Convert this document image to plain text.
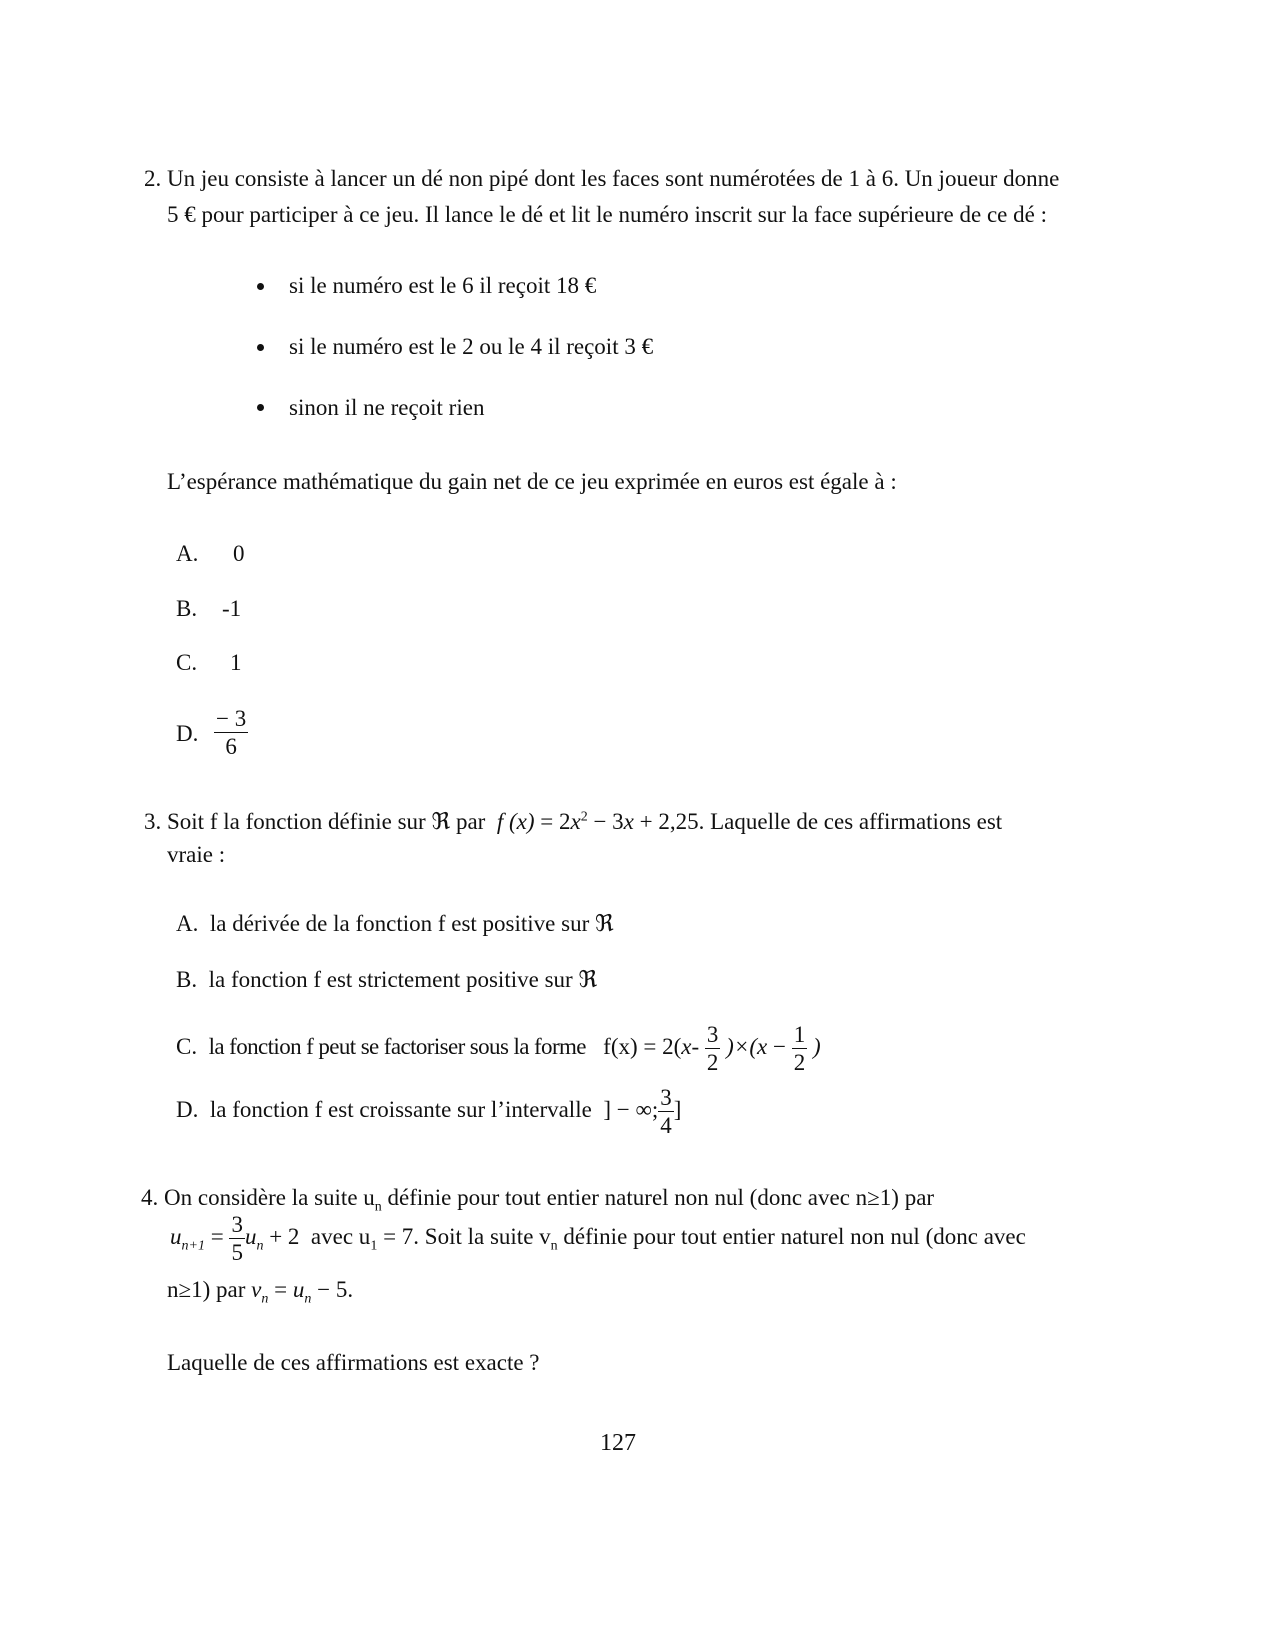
2. Un jeu consiste à lancer un dé non pipé dont les faces sont numérotées de 1 à 6. Un joueur donne
5 € pour participer à ce jeu. Il lance le dé et lit le numéro inscrit sur la face supérieure de ce dé :
si le numéro est le 6 il reçoit 18 €
si le numéro est le 2 ou le 4 il reçoit 3 €
sinon il ne reçoit rien
L’espérance mathématique du gain net de ce jeu exprimée en euros est égale à :
A. 0
B. -1
C. 1
D. $\frac{- 3}{6}$
3. Soit f la fonction définie sur ℜ par f $(x) = 2x^2 - 3x + 2,25$. Laquelle de ces affirmations est
vraie :
A. la dérivée de la fonction f est positive sur ℜ
B. la fonction f est strictement positive sur ℜ
C. la fonction f peut se factoriser sous la forme $f(x) = 2(x- \frac{3}{2} )\times(x - \frac{1}{2}$ )
D. la fonction f est croissante sur l’intervalle ] − ∞; $\frac{3}{4}$ ]
4. On considère la suite $u_n$ définie pour tout entier naturel non nul (donc avec n≥1) par
$u_{n+1} = \frac{3}{5} u_n + 2$ avec $u_1 = 7$. Soit la suite $v_n$ définie pour tout entier naturel non nul (donc avec
n≥1) par $v_n = u_n - 5$.
Laquelle de ces affirmations est exacte ?
127
